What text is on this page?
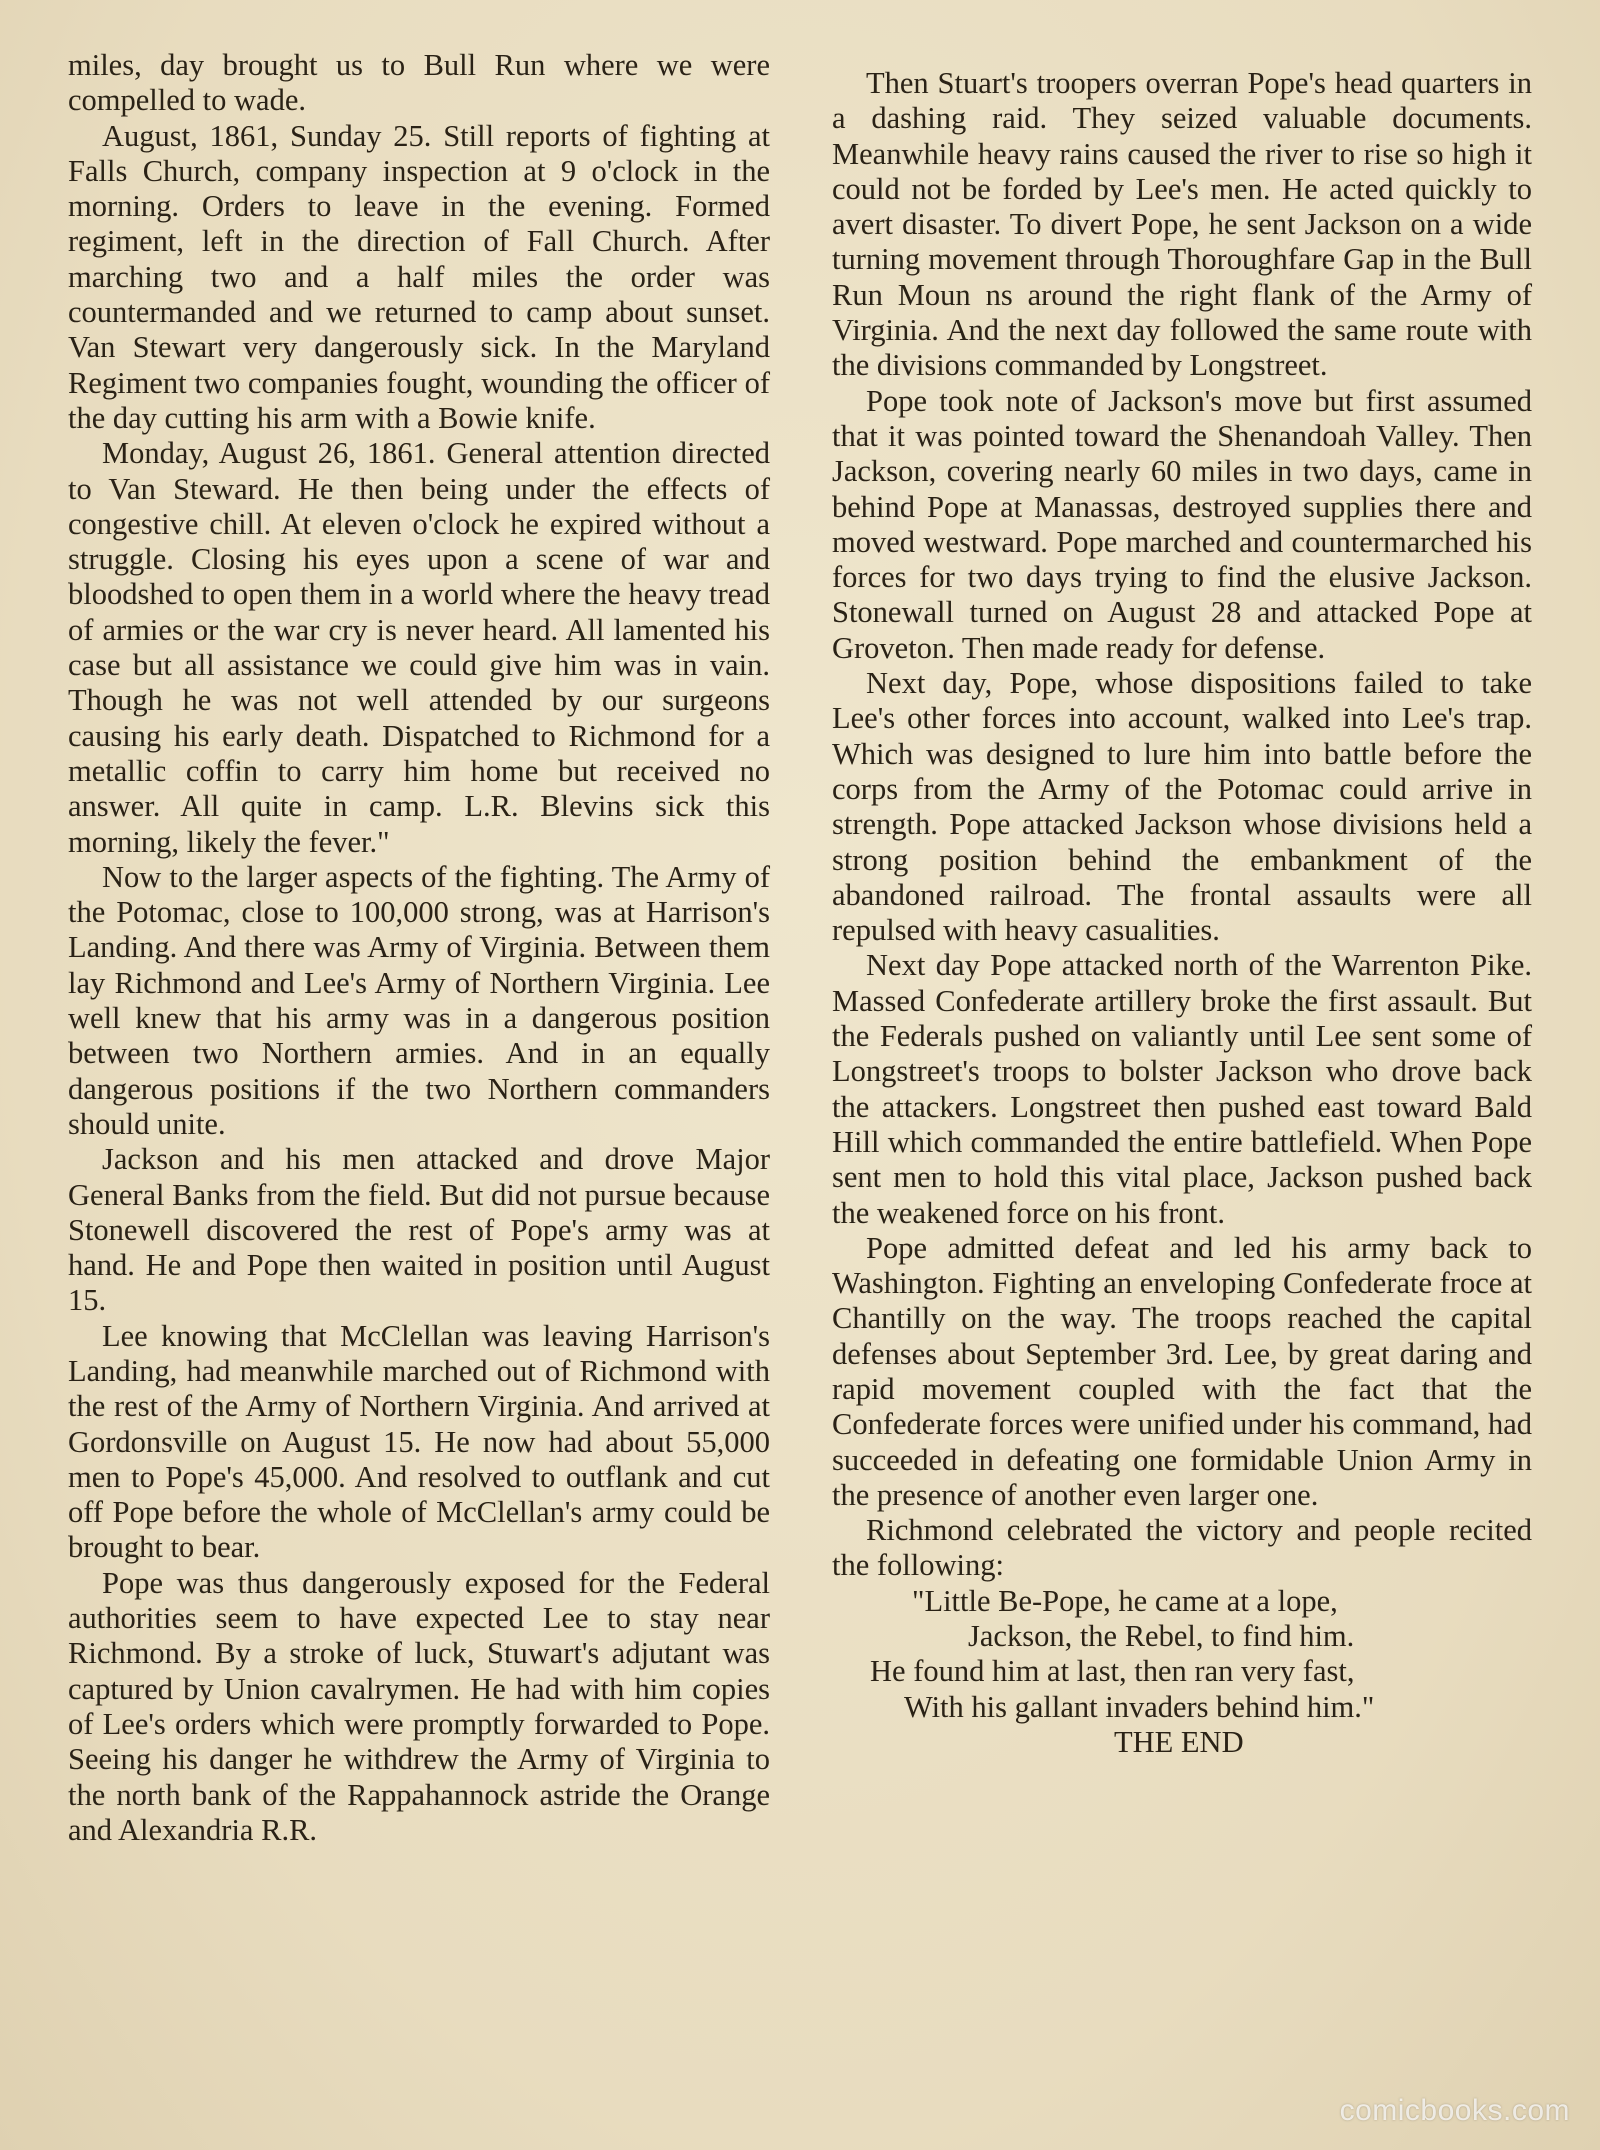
miles, day brought us to Bull Run where we were compelled to wade.

August, 1861, Sunday 25. Still reports of fighting at Falls Church, company inspection at 9 o'clock in the morning. Orders to leave in the evening. Formed regiment, left in the direction of Fall Church. After marching two and a half miles the order was countermanded and we returned to camp about sunset. Van Stewart very dangerously sick. In the Maryland Regiment two companies fought, wounding the officer of the day cutting his arm with a Bowie knife.

Monday, August 26, 1861. General attention directed to Van Steward. He then being under the effects of congestive chill. At eleven o'clock he expired without a struggle. Closing his eyes upon a scene of war and bloodshed to open them in a world where the heavy tread of armies or the war cry is never heard. All lamented his case but all assistance we could give him was in vain. Though he was not well attended by our surgeons causing his early death. Dispatched to Richmond for a metallic coffin to carry him home but received no answer. All quite in camp. L.R. Blevins sick this morning, likely the fever."

Now to the larger aspects of the fighting. The Army of the Potomac, close to 100,000 strong, was at Harrison's Landing. And there was Army of Virginia. Between them lay Richmond and Lee's Army of Northern Virginia. Lee well knew that his army was in a dangerous position between two Northern armies. And in an equally dangerous positions if the two Northern commanders should unite.

Jackson and his men attacked and drove Major General Banks from the field. But did not pursue because Stonewell discovered the rest of Pope's army was at hand. He and Pope then waited in position until August 15.

Lee knowing that McClellan was leaving Harrison's Landing, had meanwhile marched out of Richmond with the rest of the Army of Northern Virginia. And arrived at Gordonsville on August 15. He now had about 55,000 men to Pope's 45,000. And resolved to outflank and cut off Pope before the whole of McClellan's army could be brought to bear.

Pope was thus dangerously exposed for the Federal authorities seem to have expected Lee to stay near Richmond. By a stroke of luck, Stuwart's adjutant was captured by Union cavalrymen. He had with him copies of Lee's orders which were promptly forwarded to Pope. Seeing his danger he withdrew the Army of Virginia to the north bank of the Rappahannock astride the Orange and Alexandria R.R.

Then Stuart's troopers overran Pope's head quarters in a dashing raid. They seized valuable documents. Meanwhile heavy rains caused the river to rise so high it could not be forded by Lee's men. He acted quickly to avert disaster. To divert Pope, he sent Jackson on a wide turning movement through Thoroughfare Gap in the Bull Run Moun ns around the right flank of the Army of Virginia. And the next day followed the same route with the divisions commanded by Longstreet.

Pope took note of Jackson's move but first assumed that it was pointed toward the Shenandoah Valley. Then Jackson, covering nearly 60 miles in two days, came in behind Pope at Manassas, destroyed supplies there and moved westward. Pope marched and countermarched his forces for two days trying to find the elusive Jackson. Stonewall turned on August 28 and attacked Pope at Groveton. Then made ready for defense.

Next day, Pope, whose dispositions failed to take Lee's other forces into account, walked into Lee's trap. Which was designed to lure him into battle before the corps from the Army of the Potomac could arrive in strength. Pope attacked Jackson whose divisions held a strong position behind the embankment of the abandoned railroad. The frontal assaults were all repulsed with heavy casualities.

Next day Pope attacked north of the Warrenton Pike. Massed Confederate artillery broke the first assault. But the Federals pushed on valiantly until Lee sent some of Longstreet's troops to bolster Jackson who drove back the attackers. Longstreet then pushed east toward Bald Hill which commanded the entire battlefield. When Pope sent men to hold this vital place, Jackson pushed back the weakened force on his front.

Pope admitted defeat and led his army back to Washington. Fighting an enveloping Confederate froce at Chantilly on the way. The troops reached the capital defenses about September 3rd. Lee, by great daring and rapid movement coupled with the fact that the Confederate forces were unified under his command, had succeeded in defeating one formidable Union Army in the presence of another even larger one.

Richmond celebrated the victory and people recited the following:

"Little Be-Pope, he came at a lope,
Jackson, the Rebel, to find him.
He found him at last, then ran very fast,
With his gallant invaders behind him."

THE END

comicbooks.com
